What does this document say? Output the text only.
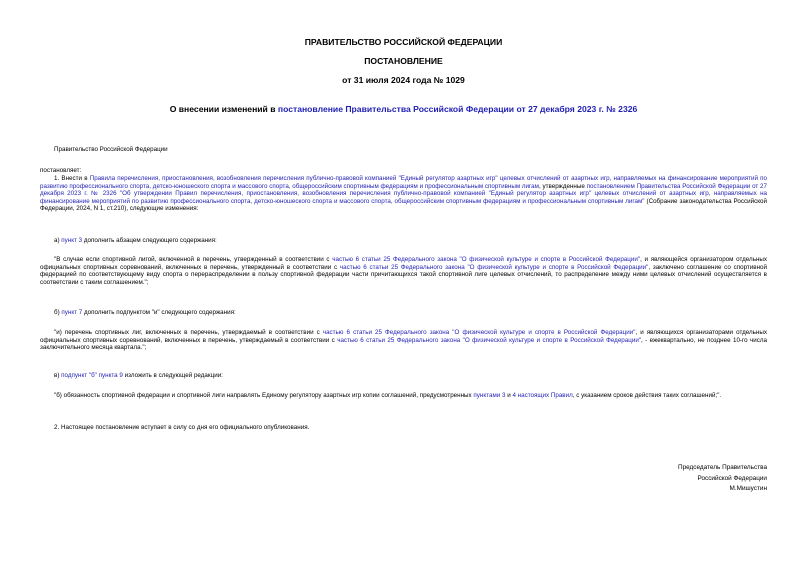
ПРАВИТЕЛЬСТВО РОССИЙСКОЙ ФЕДЕРАЦИИ
ПОСТАНОВЛЕНИЕ
от 31 июля 2024 года № 1029
О внесении изменений в постановление Правительства Российской Федерации от 27 декабря 2023 г. № 2326
Правительство Российской Федерации
постановляет:
1. Внести в Правила перечисления, приостановления, возобновления перечисления публично-правовой компанией "Единый регулятор азартных игр" целевых отчислений от азартных игр, направляемых на финансирование мероприятий по развитию профессионального спорта, детско-юношеского спорта и массового спорта, общероссийским спортивным федерациям и профессиональным спортивным лигам, утвержденные постановлением Правительства Российской Федерации от 27 декабря 2023 г. № 2326 "Об утверждении Правил перечисления, приостановления, возобновления перечисления публично-правовой компанией "Единый регулятор азартных игр" целевых отчислений от азартных игр, направляемых на финансирование мероприятий по развитию профессионального спорта, детско-юношеского спорта и массового спорта, общероссийским спортивным федерациям и профессиональным спортивным лигам" (Собрание законодательства Российской Федерации, 2024, N 1, ст.210), следующие изменения:
а) пункт 3 дополнить абзацем следующего содержания:
"В случае если спортивной лигой, включенной в перечень, утвержденный в соответствии с частью 6 статьи 25 Федерального закона "О физической культуре и спорте в Российской Федерации", и являющейся организатором отдельных официальных спортивных соревнований, включенных в перечень, утвержденный в соответствии с частью 6 статьи 25 Федерального закона "О физической культуре и спорте в Российской Федерации", заключено соглашение со спортивной федерацией по соответствующему виду спорта о перераспределении в пользу спортивной федерации части причитающихся такой спортивной лиге целевых отчислений, то распределение между ними целевых отчислений осуществляется в соответствии с таким соглашением.";
б) пункт 7 дополнить подпунктом "и" следующего содержания:
"и) перечень спортивных лиг, включенных в перечень, утверждаемый в соответствии с частью 6 статьи 25 Федерального закона "О физической культуре и спорте в Российской Федерации", и являющихся организаторами отдельных официальных спортивных соревнований, включенных в перечень, утверждаемый в соответствии с частью 6 статьи 25 Федерального закона "О физической культуре и спорте в Российской Федерации", - ежеквартально, не позднее 10-го числа заключительного месяца квартала.";
в) подпункт "б" пункта 9 изложить в следующей редакции:
"б) обязанность спортивной федерации и спортивной лиги направлять Единому регулятору азартных игр копии соглашений, предусмотренных пунктами 3 и 4 настоящих Правил, с указанием сроков действия таких соглашений;".
2. Настоящее постановление вступает в силу со дня его официального опубликования.
Председатель Правительства
Российской Федерации
М.Мишустин
